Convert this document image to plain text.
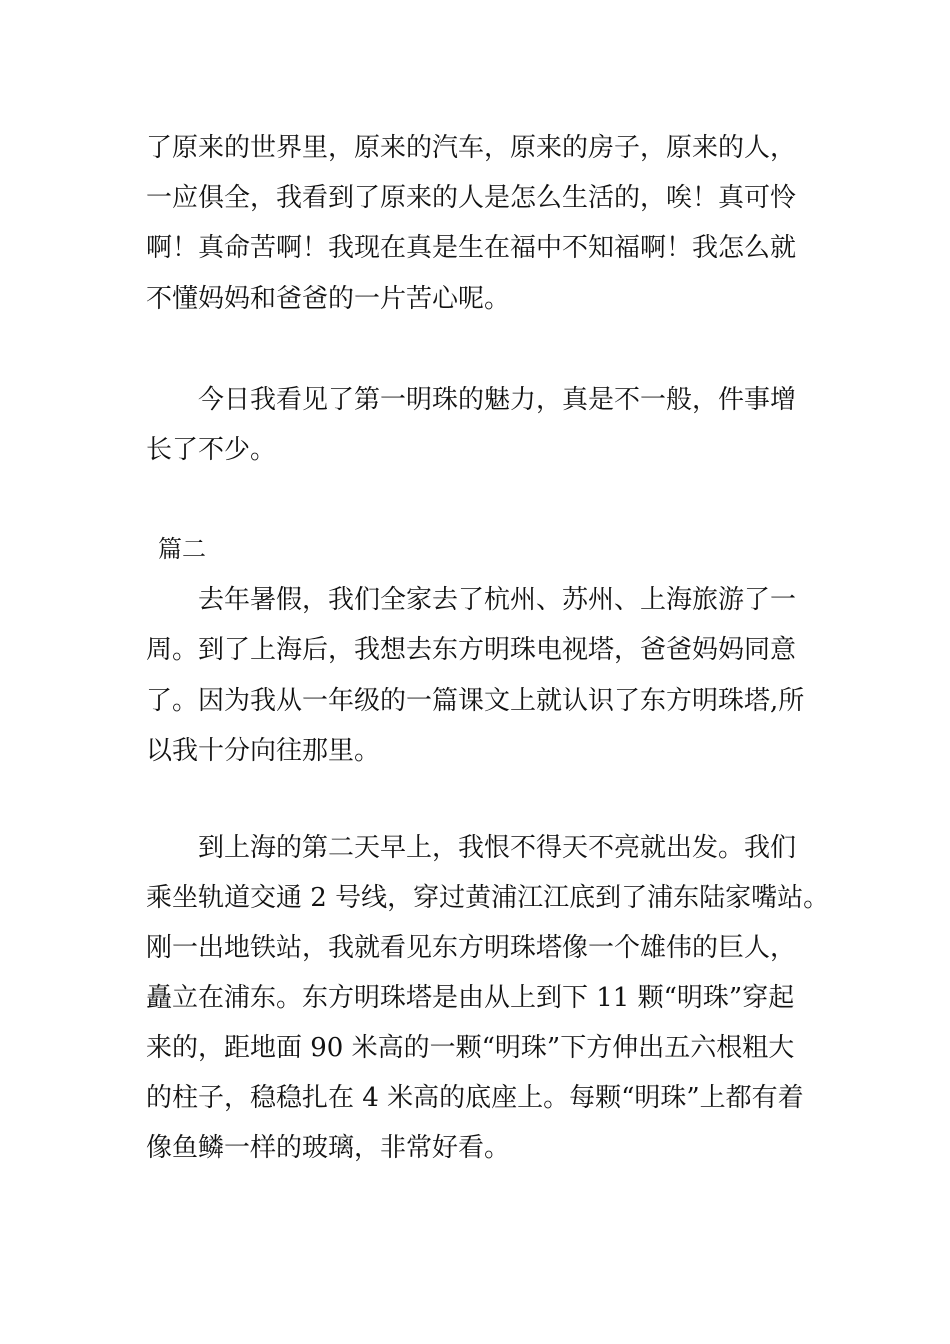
了原来的世界里，原来的汽车，原来的房子，原来的人，
一应俱全，我看到了原来的人是怎么生活的，唉！真可怜
啊！真命苦啊！我现在真是生在福中不知福啊！我怎么就
不懂妈妈和爸爸的一片苦心呢。
今日我看见了第一明珠的魅力，真是不一般，件事增
长了不少。
篇二
去年暑假，我们全家去了杭州、苏州、上海旅游了一
周。到了上海后，我想去东方明珠电视塔，爸爸妈妈同意
了。因为我从一年级的一篇课文上就认识了东方明珠塔,所
以我十分向往那里。
到上海的第二天早上，我恨不得天不亮就出发。我们
乘坐轨道交通 2 号线，穿过黄浦江江底到了浦东陆家嘴站。
刚一出地铁站，我就看见东方明珠塔像一个雄伟的巨人，
矗立在浦东。东方明珠塔是由从上到下 11 颗“明珠”穿起
来的，距地面 90 米高的一颗“明珠”下方伸出五六根粗大
的柱子，稳稳扎在 4 米高的底座上。每颗“明珠”上都有着
像鱼鳞一样的玻璃，非常好看。
